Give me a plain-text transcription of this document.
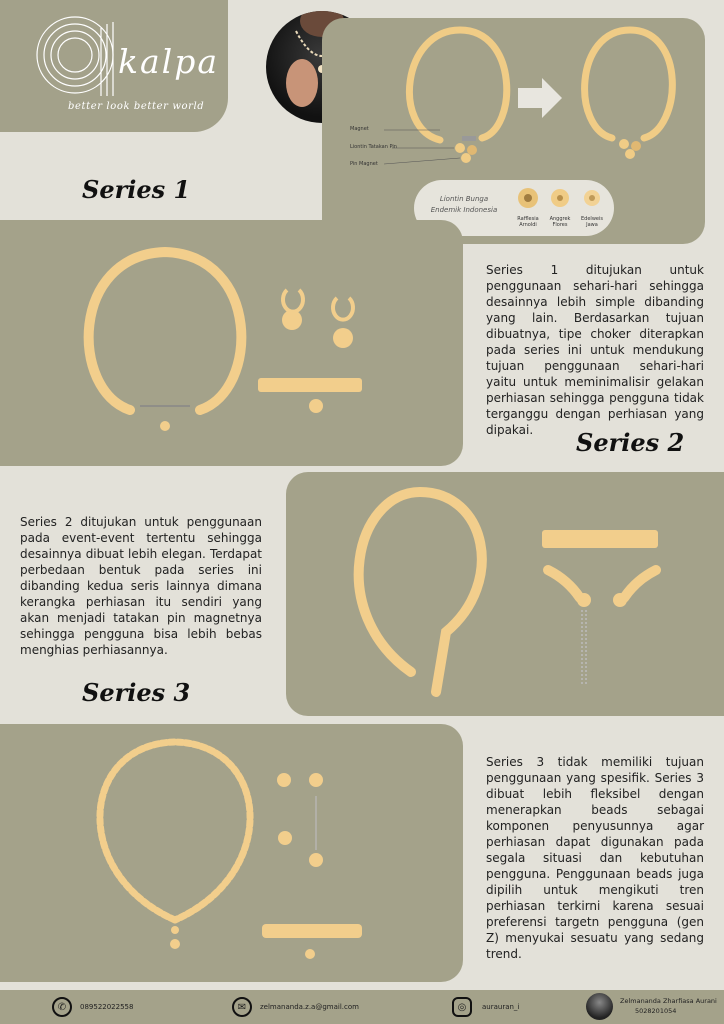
kalpa
better look better world
Magnet
Liontin Tatakan Pin
Pin Magnet
Liontin Bunga Endemik Indonesia
Rafflesia Arnoldi
Anggrek Flores
Edelweis Jawa
Series 1
Series 1 ditujukan untuk penggunaan sehari-hari sehingga desainnya lebih simple dibanding yang lain. Berdasarkan tujuan dibuatnya, tipe choker diterapkan pada series ini untuk mendukung tujuan penggunaan sehari-hari yaitu untuk meminimalisir gelakan perhiasan sehingga pengguna tidak terganggu dengan perhiasan yang dipakai.	Series 2
Series 2 ditujukan untuk penggunaan pada event-event tertentu sehingga desainnya dibuat lebih elegan. Terdapat perbedaan bentuk pada series ini dibanding kedua seris lainnya dimana kerangka perhiasan itu sendiri yang akan menjadi tatakan pin magnetnya sehingga pengguna bisa lebih bebas menghias perhiasannya.
Series 3
Series 3 tidak memiliki tujuan penggunaan yang spesifik. Series 3 dibuat lebih fleksibel dengan menerapkan beads sebagai komponen penyusunnya agar perhiasan dapat digunakan pada segala situasi dan kebutuhan pengguna. Penggunaan beads juga dipilih untuk mengikuti tren perhiasan terkirni karena sesuai preferensi targetn pengguna (gen Z) menyukai sesuatu yang sedang trend.
✆	089522022558	✉	zelmananda.z.a@gmail.com	◎	aurauran_i
Zelmananda Zharfiasa Aurani
5028201054
